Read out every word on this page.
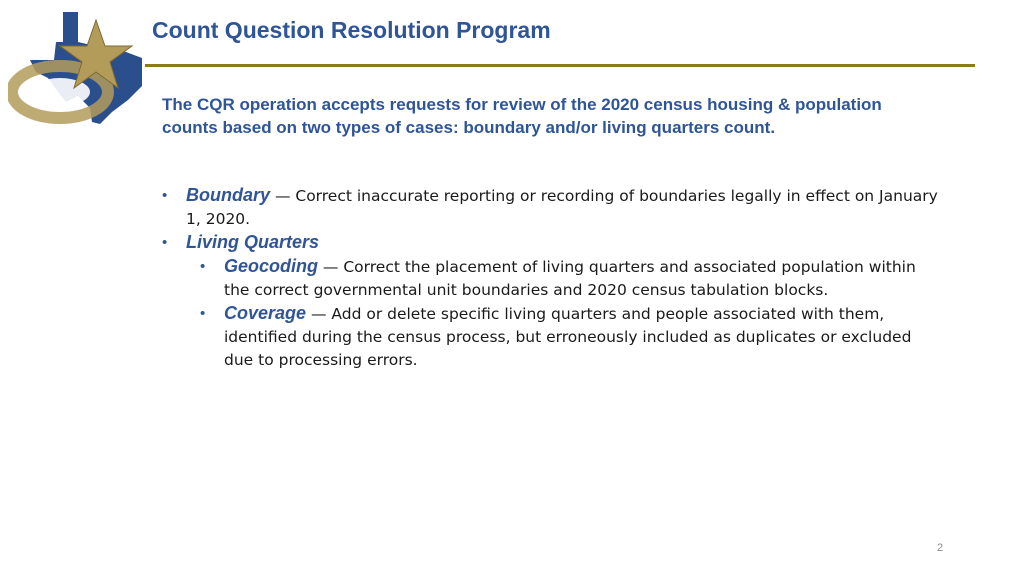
Count Question Resolution Program

The CQR operation accepts requests for review of the 2020 census housing & population counts based on two types of cases: boundary and/or living quarters count.

• Boundary — Correct inaccurate reporting or recording of boundaries legally in effect on January 1, 2020.
• Living Quarters
• Geocoding — Correct the placement of living quarters and associated population within the correct governmental unit boundaries and 2020 census tabulation blocks.
• Coverage — Add or delete specific living quarters and people associated with them, identified during the census process, but erroneously included as duplicates or excluded due to processing errors.
2
